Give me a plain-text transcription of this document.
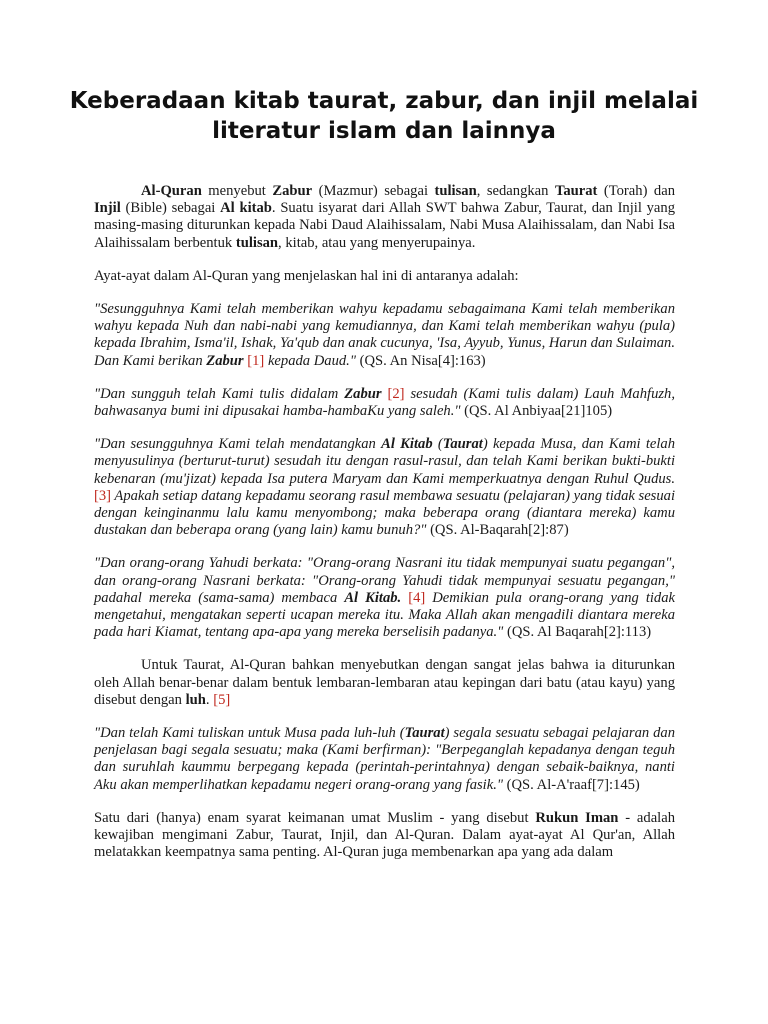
Keberadaan kitab taurat, zabur, dan injil melalai literatur islam dan lainnya

Al-Quran menyebut Zabur (Mazmur) sebagai tulisan, sedangkan Taurat (Torah) dan Injil (Bible) sebagai Al kitab. Suatu isyarat dari Allah SWT bahwa Zabur, Taurat, dan Injil yang masing-masing diturunkan kepada Nabi Daud Alaihissalam, Nabi Musa Alaihissalam, dan Nabi Isa Alaihissalam berbentuk tulisan, kitab, atau yang menyerupainya.

Ayat-ayat dalam Al-Quran yang menjelaskan hal ini di antaranya adalah:

"Sesungguhnya Kami telah memberikan wahyu kepadamu sebagaimana Kami telah memberikan wahyu kepada Nuh dan nabi-nabi yang kemudiannya, dan Kami telah memberikan wahyu (pula) kepada Ibrahim, Isma'il, Ishak, Ya'qub dan anak cucunya, 'Isa, Ayyub, Yunus, Harun dan Sulaiman. Dan Kami berikan Zabur [1] kepada Daud." (QS. An Nisa[4]:163)

"Dan sungguh telah Kami tulis didalam Zabur [2] sesudah (Kami tulis dalam) Lauh Mahfuzh, bahwasanya bumi ini dipusakai hamba-hambaKu yang saleh." (QS. Al Anbiyaa[21]105)

"Dan sesungguhnya Kami telah mendatangkan Al Kitab (Taurat) kepada Musa, dan Kami telah menyusulinya (berturut-turut) sesudah itu dengan rasul-rasul, dan telah Kami berikan bukti-bukti kebenaran (mu'jizat) kepada Isa putera Maryam dan Kami memperkuatnya dengan Ruhul Qudus. [3] Apakah setiap datang kepadamu seorang rasul membawa sesuatu (pelajaran) yang tidak sesuai dengan keinginanmu lalu kamu menyombong; maka beberapa orang (diantara mereka) kamu dustakan dan beberapa orang (yang lain) kamu bunuh?" (QS. Al-Baqarah[2]:87)

"Dan orang-orang Yahudi berkata: "Orang-orang Nasrani itu tidak mempunyai suatu pegangan", dan orang-orang Nasrani berkata: "Orang-orang Yahudi tidak mempunyai sesuatu pegangan," padahal mereka (sama-sama) membaca Al Kitab. [4] Demikian pula orang-orang yang tidak mengetahui, mengatakan seperti ucapan mereka itu. Maka Allah akan mengadili diantara mereka pada hari Kiamat, tentang apa-apa yang mereka berselisih padanya." (QS. Al Baqarah[2]:113)

Untuk Taurat, Al-Quran bahkan menyebutkan dengan sangat jelas bahwa ia diturunkan oleh Allah benar-benar dalam bentuk lembaran-lembaran atau kepingan dari batu (atau kayu) yang disebut dengan luh. [5]

"Dan telah Kami tuliskan untuk Musa pada luh-luh (Taurat) segala sesuatu sebagai pelajaran dan penjelasan bagi segala sesuatu; maka (Kami berfirman): "Berpeganglah kepadanya dengan teguh dan suruhlah kaummu berpegang kepada (perintah-perintahnya) dengan sebaik-baiknya, nanti Aku akan memperlihatkan kepadamu negeri orang-orang yang fasik." (QS. Al-A'raaf[7]:145)

Satu dari (hanya) enam syarat keimanan umat Muslim - yang disebut Rukun Iman - adalah kewajiban mengimani Zabur, Taurat, Injil, dan Al-Quran. Dalam ayat-ayat Al Qur'an, Allah melatakkan keempatnya sama penting. Al-Quran juga membenarkan apa yang ada dalam
